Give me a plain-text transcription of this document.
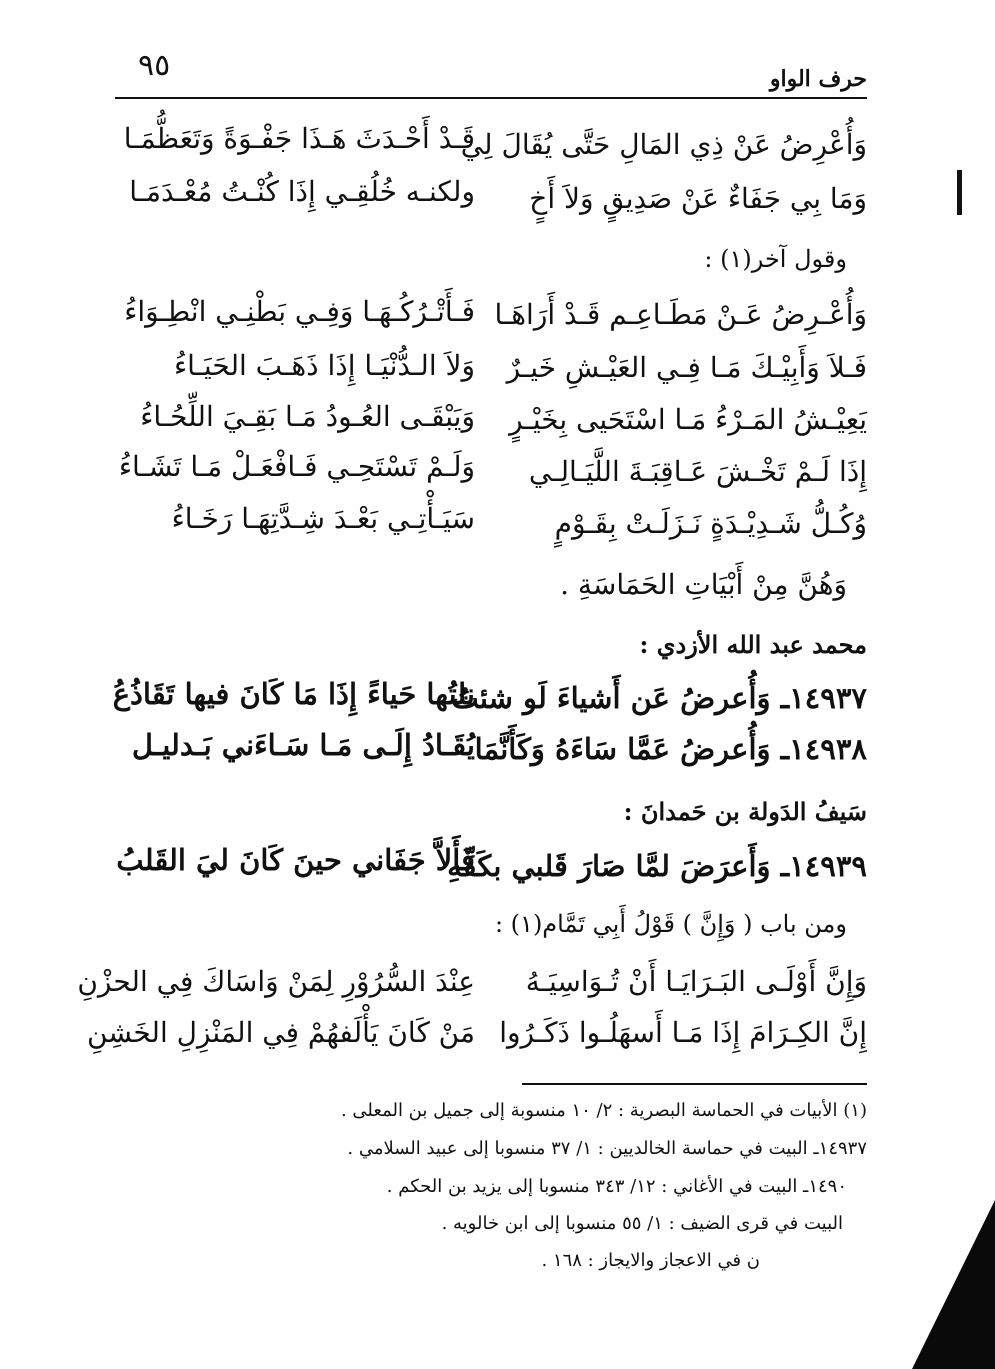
٩٥	حرف الواو
وَأُعْرِضُ عَنْ ذِي المَالِ حَتَّى يُقَالَ لِي
قَـدْ أَحْـدَثَ هَـذَا جَفْـوَةً وَتَعَظُّمَـا
وَمَا بِي جَفَاءٌ عَنْ صَدِيقٍ وَلاَ أَخٍ
ولكنـه خُلُقِـي إِذَا كُنْـتُ مُعْـدَمَـا
وقول آخر(١) :
وَأُعْـرِضُ عَـنْ مَطَـاعِـم قَـدْ أَرَاهَـا
فَـأَتْـرُكُـهَـا وَفِـي بَطْنِـي انْطِـوَاءُ
فَـلاَ وَأَبِيْـكَ مَـا فِـي العَيْـشِ خَيـرٌ
وَلاَ الـدُّنْيَـا إِذَا ذَهَـبَ الحَيَـاءُ
يَعِيْـشُ المَـرْءُ مَـا اسْتَحَيى بِخَيْـرٍ
وَيَبْقَـى العُـودُ مَـا بَقِـيَ اللِّحُـاءُ
إِذَا لَـمْ تَخْـشَ عَـاقِبَـةَ اللَّيَـالِـي
وَلَـمْ تَسْتَحِـي فَـافْعَـلْ مَـا تَشَـاءُ
وُكُـلُّ شَـدِيْـدَةٍ نَـزَلَـتْ بِقَـوْمٍ
سَيَـأْتِـي بَعْـدَ شِـدَّتِهَـا رَخَـاءُ
وَهُنَّ مِنْ أَبْيَاتِ الحَمَاسَةِ .
محمد عبد الله الأزدي :
١٤٩٣٧ـ وَأُعرضُ عَن أَشياءَ لَو شئتُ
نلتُها حَياءً إِذَا مَا كَانَ فيها تَقَاذُعُ
١٤٩٣٨ـ وَأُعرضُ عَمَّا سَاءَهُ وَكَأَنَّمَا
يُقَـادُ إِلَـى مَـا سَـاءَني بَـدليـل
سَيفُ الدَولة بن حَمدانَ :
١٤٩٣٩ـ وَأَعرَضَ لمَّا صَارَ قَلبي بكَفِّهِ
فَأَلاَّ جَفَاني حينَ كَانَ ليَ القَلبُ
ومن باب ( وَإِنَّ ) قَوْلُ أَبِي تَمَّام(١) :
وَإِنَّ أَوْلَـى البَـرَايَـا أَنْ تُـوَاسِيَـهُ
عِنْدَ السُّرُوْرِ لِمَنْ وَاسَاكَ فِي الحزْنِ
إِنَّ الكِـرَامَ إِذَا مَـا أَسهَلُـوا ذَكَـرُوا
مَنْ كَانَ يَأْلَفهُمْ فِي المَنْزِلِ الخَشِنِ
(١) الأبيات في الحماسة البصرية : ٢/ ١٠ منسوبة إلى جميل بن المعلى .
١٤٩٣٧ـ البيت في حماسة الخالديين : ١/ ٣٧ منسوبا إلى عبيد السلامي .
١٤٩٠ـ البيت في الأغاني : ١٢/ ٣٤٣ منسوبا إلى يزيد بن الحكم .
البيت في قرى الضيف : ١/ ٥٥ منسوبا إلى ابن خالويه .
ن في الاعجاز والايجاز : ١٦٨ .
